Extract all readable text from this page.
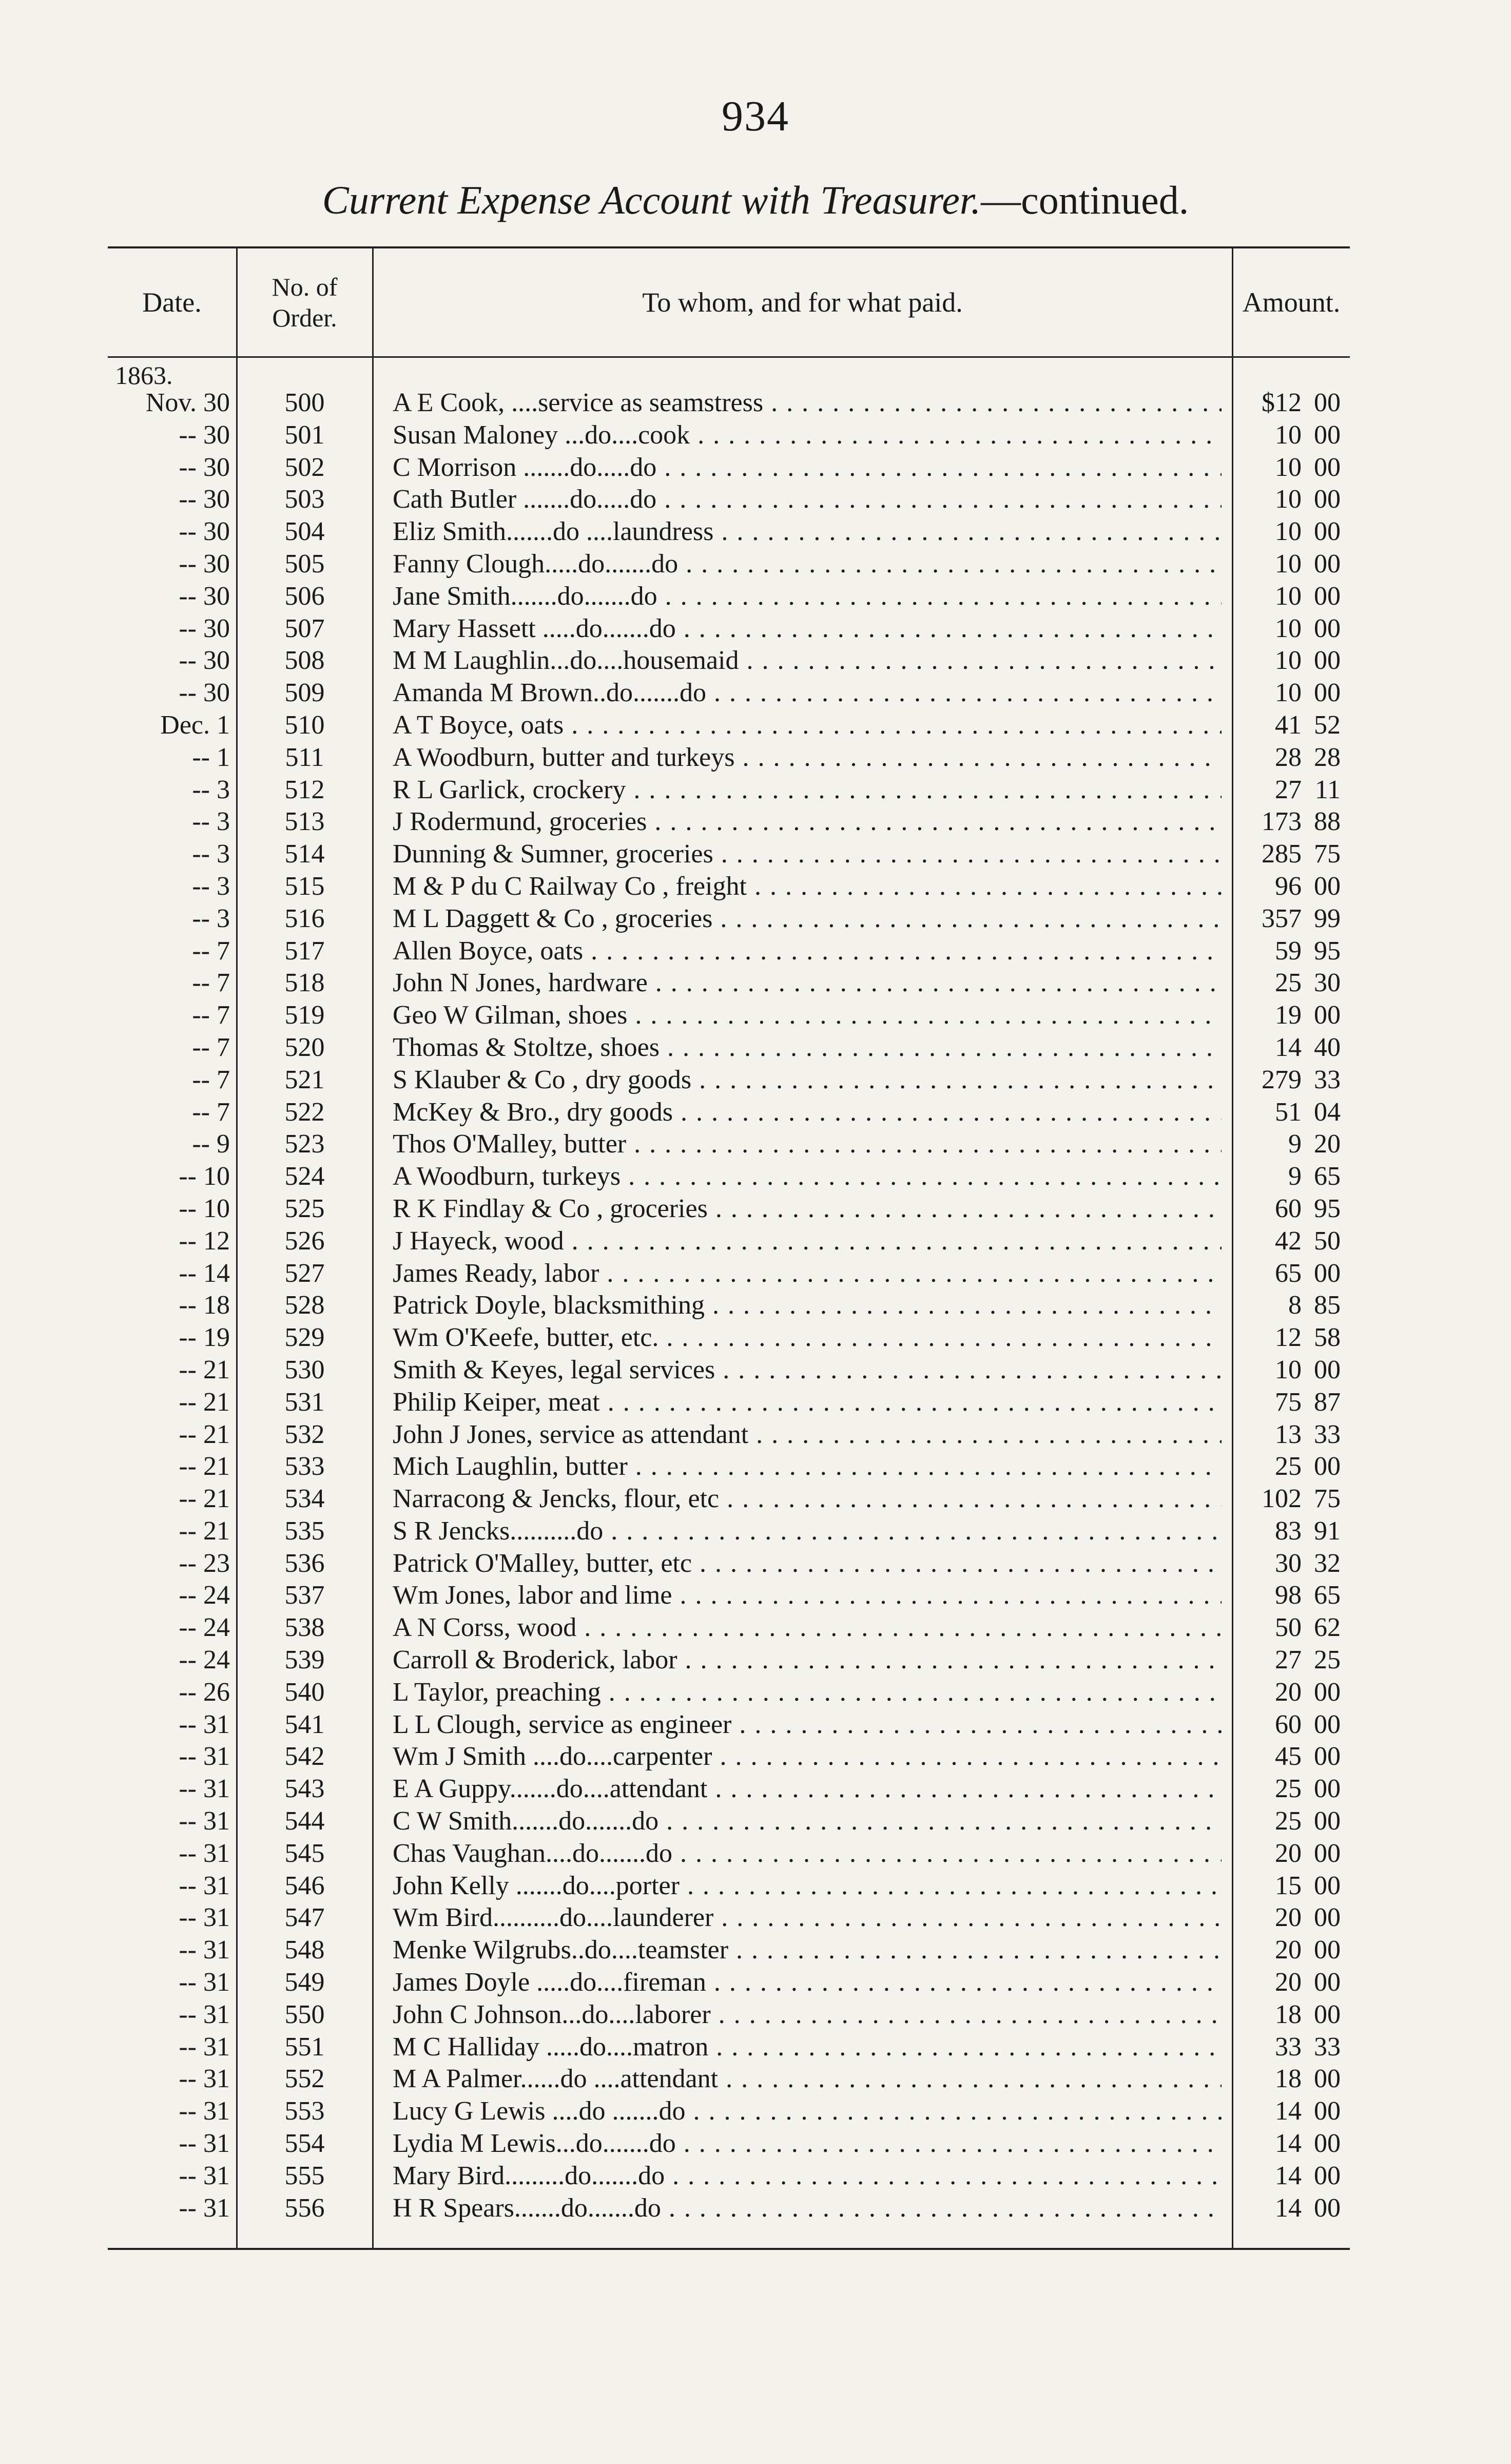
934
Current Expense Account with Treasurer.—continued.
Date.	No. of
Order.	To whom, and for what paid.	Amount.
1863.
Nov. 30	500	A E Cook, ....service as seamstress . . .	$12 00
-- 30	501	Susan Maloney ...do....cook . . .	10 00
-- 30	502	C Morrison .......do.....do . . .	10 00
-- 30	503	Cath Butler .......do.....do . . .	10 00
-- 30	504	Eliz Smith.......do ....laundress . . .	10 00
-- 30	505	Fanny Clough.....do.......do . . .	10 00
-- 30	506	Jane Smith.......do.......do . . .	10 00
-- 30	507	Mary Hassett .....do.......do . . .	10 00
-- 30	508	M M Laughlin...do....housemaid . . .	10 00
-- 30	509	Amanda M Brown..do.......do . . .	10 00
Dec. 1	510	A T Boyce, oats . . .	41 52
-- 1	511	A Woodburn, butter and turkeys . . .	28 28
-- 3	512	R L Garlick, crockery . . .	27 11
-- 3	513	J Rodermund, groceries . . .	173 88
-- 3	514	Dunning & Sumner, groceries . . .	285 75
-- 3	515	M & P du C Railway Co , freight . . .	96 00
-- 3	516	M L Daggett & Co , groceries . . .	357 99
-- 7	517	Allen Boyce, oats . . .	59 95
-- 7	518	John N Jones, hardware . . .	25 30
-- 7	519	Geo W Gilman, shoes . . .	19 00
-- 7	520	Thomas & Stoltze, shoes . . .	14 40
-- 7	521	S Klauber & Co , dry goods . . .	279 33
-- 7	522	McKey & Bro., dry goods . . .	51 04
-- 9	523	Thos O'Malley, butter . . .	9 20
-- 10	524	A Woodburn, turkeys . . .	9 65
-- 10	525	R K Findlay & Co , groceries . . .	60 95
-- 12	526	J Hayeck, wood . . .	42 50
-- 14	527	James Ready, labor . . .	65 00
-- 18	528	Patrick Doyle, blacksmithing . . .	8 85
-- 19	529	Wm O'Keefe, butter, etc. . . .	12 58
-- 21	530	Smith & Keyes, legal services . . .	10 00
-- 21	531	Philip Keiper, meat . . .	75 87
-- 21	532	John J Jones, service as attendant . . .	13 33
-- 21	533	Mich Laughlin, butter . . .	25 00
-- 21	534	Narracong & Jencks, flour, etc . . .	102 75
-- 21	535	S R Jencks..........do . . .	83 91
-- 23	536	Patrick O'Malley, butter, etc . . .	30 32
-- 24	537	Wm Jones, labor and lime . . .	98 65
-- 24	538	A N Corss, wood . . .	50 62
-- 24	539	Carroll & Broderick, labor . . .	27 25
-- 26	540	L Taylor, preaching . . .	20 00
-- 31	541	L L Clough, service as engineer . . .	60 00
-- 31	542	Wm J Smith ....do....carpenter . . .	45 00
-- 31	543	E A Guppy.......do....attendant . . .	25 00
-- 31	544	C W Smith.......do.......do . . .	25 00
-- 31	545	Chas Vaughan....do.......do . . .	20 00
-- 31	546	John Kelly .......do....porter . . .	15 00
-- 31	547	Wm Bird..........do....launderer . . .	20 00
-- 31	548	Menke Wilgrubs..do....teamster . . .	20 00
-- 31	549	James Doyle .....do....fireman . . .	20 00
-- 31	550	John C Johnson...do....laborer . . .	18 00
-- 31	551	M C Halliday .....do....matron . . .	33 33
-- 31	552	M A Palmer......do ....attendant . . .	18 00
-- 31	553	Lucy G Lewis ....do .......do . . .	14 00
-- 31	554	Lydia M Lewis...do.......do . . .	14 00
-- 31	555	Mary Bird.........do.......do . . .	14 00
-- 31	556	H R Spears.......do.......do . . .	14 00
